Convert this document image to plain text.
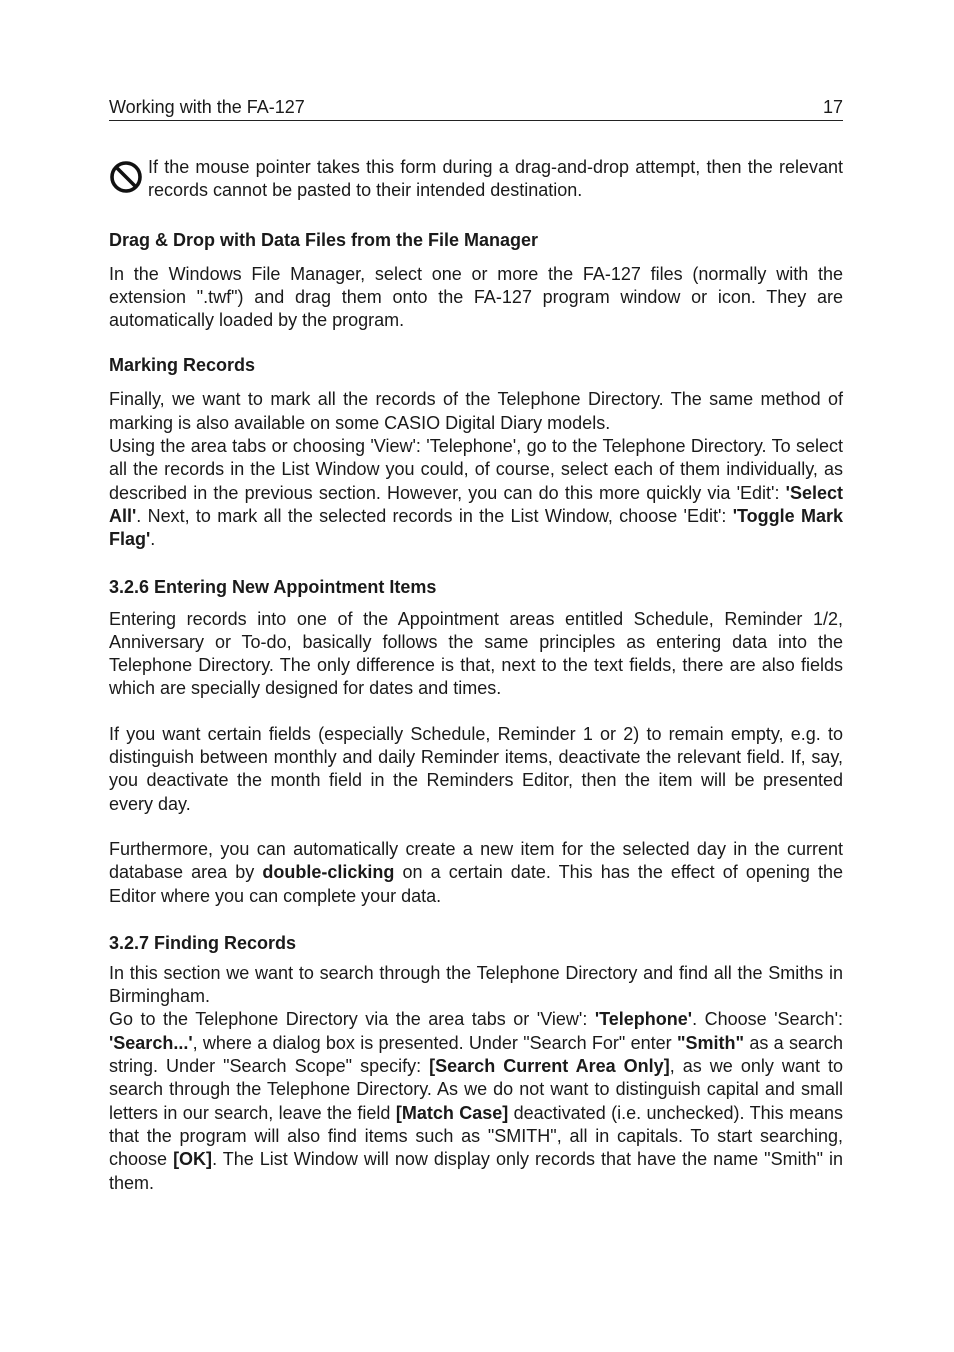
Working with the FA-127	17

If the mouse pointer takes this form during a drag-and-drop attempt, then the relevant records cannot be pasted to their intended destination.

Drag & Drop with Data Files from the File Manager

In the Windows File Manager, select one or more the FA-127 files (normally with the extension ".twf") and drag them onto the FA-127 program window or icon. They are automatically loaded by the program.

Marking Records

Finally, we want to mark all the records of the Telephone Directory. The same method of marking is also available on some CASIO Digital Diary models.

Using the area tabs or choosing 'View': 'Telephone', go to the Telephone Directory. To select all the records in the List Window you could, of course, select each of them individually, as described in the previous section. However, you can do this more quickly via 'Edit': 'Select All'. Next, to mark all the selected records in the List Window, choose 'Edit': 'Toggle Mark Flag'.

3.2.6 Entering New Appointment Items

Entering records into one of the Appointment areas entitled Schedule, Reminder 1/2, Anniversary or To-do, basically follows the same principles as entering data into the Telephone Directory. The only difference is that, next to the text fields, there are also fields which are specially designed for dates and times.

If you want certain fields (especially Schedule, Reminder 1 or 2) to remain empty, e.g. to distinguish between monthly and daily Reminder items, deactivate the relevant field. If, say, you deactivate the month field in the Reminders Editor, then the item will be presented every day.

Furthermore, you can automatically create a new item for the selected day in the current database area by double-clicking on a certain date. This has the effect of opening the Editor where you can complete your data.

3.2.7 Finding Records

In this section we want to search through the Telephone Directory and find all the Smiths in Birmingham.

Go to the Telephone Directory via the area tabs or 'View': 'Telephone'. Choose 'Search': 'Search...', where a dialog box is presented. Under "Search For" enter "Smith" as a search string. Under "Search Scope" specify: [Search Current Area Only], as we only want to search through the Telephone Directory. As we do not want to distinguish capital and small letters in our search, leave the field [Match Case] deactivated (i.e. unchecked). This means that the program will also find items such as "SMITH", all in capitals. To start searching, choose [OK]. The List Window will now display only records that have the name "Smith" in them.
